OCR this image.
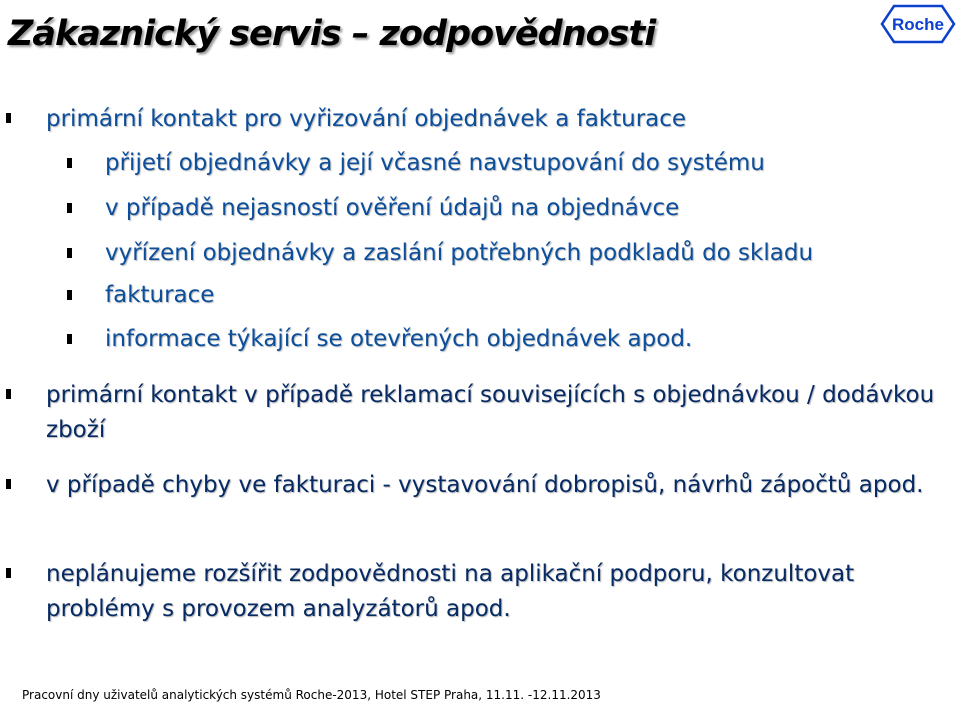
Zákaznický servis – zodpovědnosti	Roche
primární kontakt pro vyřizování objednávek a fakturace
přijetí objednávky a její včasné navstupování do systému
v případě nejasností ověření údajů na objednávce
vyřízení objednávky a zaslání potřebných podkladů do skladu
fakturace
informace týkající se otevřených objednávek apod.
primární kontakt v případě reklamací souvisejících s objednávkou / dodávkou zboží
v případě chyby ve fakturaci - vystavování dobropisů, návrhů zápočtů apod.
neplánujeme rozšířit zodpovědnosti na aplikační podporu, konzultovat problémy s provozem analyzátorů apod.
Pracovní dny uživatelů analytických systémů Roche-2013, Hotel STEP Praha, 11.11. -12.11.2013
